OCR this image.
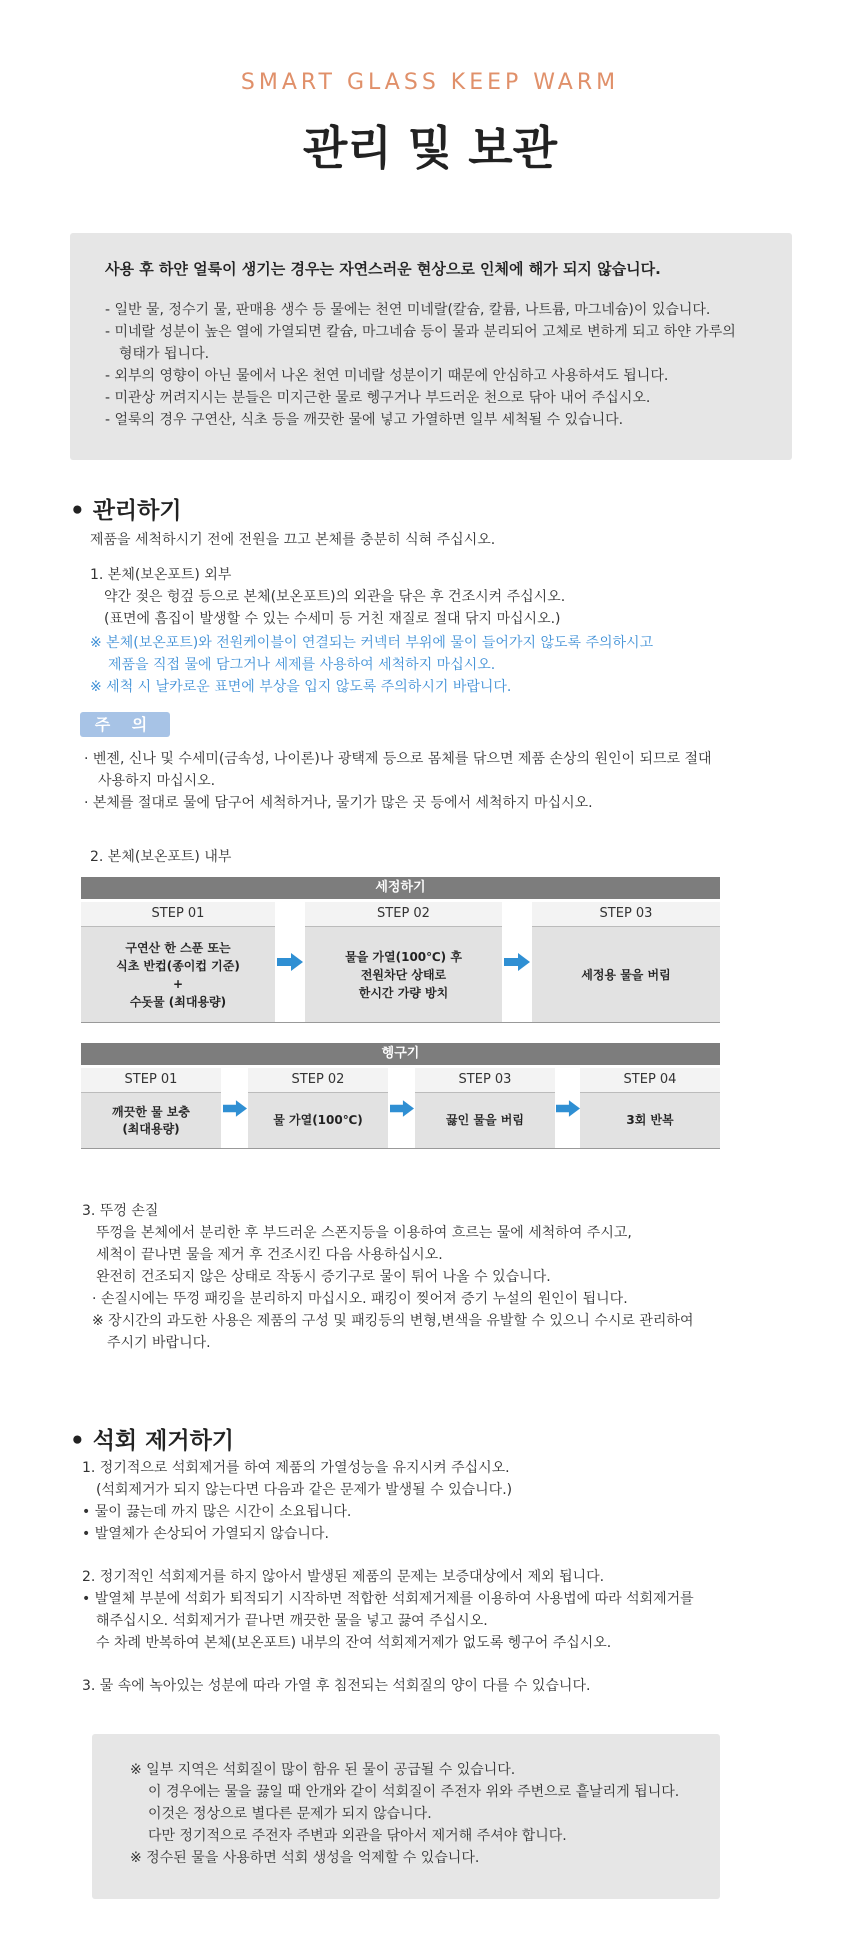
SMART GLASS KEEP WARM
관리 및 보관
사용 후 하얀 얼룩이 생기는 경우는 자연스러운 현상으로 인체에 해가 되지 않습니다.
- 일반 물, 정수기 물, 판매용 생수 등 물에는 천연 미네랄(칼슘, 칼륨, 나트륨, 마그네슘)이 있습니다.
- 미네랄 성분이 높은 열에 가열되면 칼슘, 마그네슘 등이 물과 분리되어 고체로 변하게 되고 하얀 가루의
형태가 됩니다.
- 외부의 영향이 아닌 물에서 나온 천연 미네랄 성분이기 때문에 안심하고 사용하셔도 됩니다.
- 미관상 꺼려지시는 분들은 미지근한 물로 헹구거나 부드러운 천으로 닦아 내어 주십시오.
- 얼룩의 경우 구연산, 식초 등을 깨끗한 물에 넣고 가열하면 일부 세척될 수 있습니다.
• 관리하기
제품을 세척하시기 전에 전원을 끄고 본체를 충분히 식혀 주십시오.
1. 본체(보온포트) 외부
약간 젖은 헝겊 등으로 본체(보온포트)의 외관을 닦은 후 건조시켜 주십시오.
(표면에 흠집이 발생할 수 있는 수세미 등 거친 재질로 절대 닦지 마십시오.)
※ 본체(보온포트)와 전원케이블이 연결되는 커넥터 부위에 물이 들어가지 않도록 주의하시고
제품을 직접 물에 담그거나 세제를 사용하여 세척하지 마십시오.
※ 세척 시 날카로운 표면에 부상을 입지 않도록 주의하시기 바랍니다.
주 의
· 벤젠, 신나 및 수세미(금속성, 나이론)나 광택제 등으로 몸체를 닦으면 제품 손상의 원인이 되므로 절대
사용하지 마십시오.
· 본체를 절대로 물에 담구어 세척하거나, 물기가 많은 곳 등에서 세척하지 마십시오.
2. 본체(보온포트) 내부
세정하기
STEP 01
구연산 한 스푼 또는
식초 반컵(종이컵 기준)
+
수돗물 (최대용량)
STEP 02
물을 가열(100℃) 후
전원차단 상태로
한시간 가량 방치
STEP 03
세정용 물을 버림
헹구기
STEP 01
깨끗한 물 보충
(최대용량)
STEP 02
물 가열(100℃)
STEP 03
끓인 물을 버림
STEP 04
3회 반복
3. 뚜껑 손질
뚜껑을 본체에서 분리한 후 부드러운 스폰지등을 이용하여 흐르는 물에 세척하여 주시고,
세척이 끝나면 물을 제거 후 건조시킨 다음 사용하십시오.
완전히 건조되지 않은 상태로 작동시 증기구로 물이 튀어 나올 수 있습니다.
· 손질시에는 뚜껑 패킹을 분리하지 마십시오. 패킹이 찢어져 증기 누설의 원인이 됩니다.
※ 장시간의 과도한 사용은 제품의 구성 및 패킹등의 변형,변색을 유발할 수 있으니 수시로 관리하여
주시기 바랍니다.
• 석회 제거하기
1. 정기적으로 석회제거를 하여 제품의 가열성능을 유지시켜 주십시오.
(석회제거가 되지 않는다면 다음과 같은 문제가 발생될 수 있습니다.)
• 물이 끓는데 까지 많은 시간이 소요됩니다.
• 발열체가 손상되어 가열되지 않습니다.
2. 정기적인 석회제거를 하지 않아서 발생된 제품의 문제는 보증대상에서 제외 됩니다.
• 발열체 부분에 석회가 퇴적되기 시작하면 적합한 석회제거제를 이용하여 사용법에 따라 석회제거를
해주십시오. 석회제거가 끝나면 깨끗한 물을 넣고 끓여 주십시오.
수 차례 반복하여 본체(보온포트) 내부의 잔여 석회제거제가 없도록 헹구어 주십시오.
3. 물 속에 녹아있는 성분에 따라 가열 후 침전되는 석회질의 양이 다를 수 있습니다.
※ 일부 지역은 석회질이 많이 함유 된 물이 공급될 수 있습니다.
이 경우에는 물을 끓일 때 안개와 같이 석회질이 주전자 위와 주변으로 흩날리게 됩니다.
이것은 정상으로 별다른 문제가 되지 않습니다.
다만 정기적으로 주전자 주변과 외관을 닦아서 제거해 주셔야 합니다.
※ 정수된 물을 사용하면 석회 생성을 억제할 수 있습니다.
